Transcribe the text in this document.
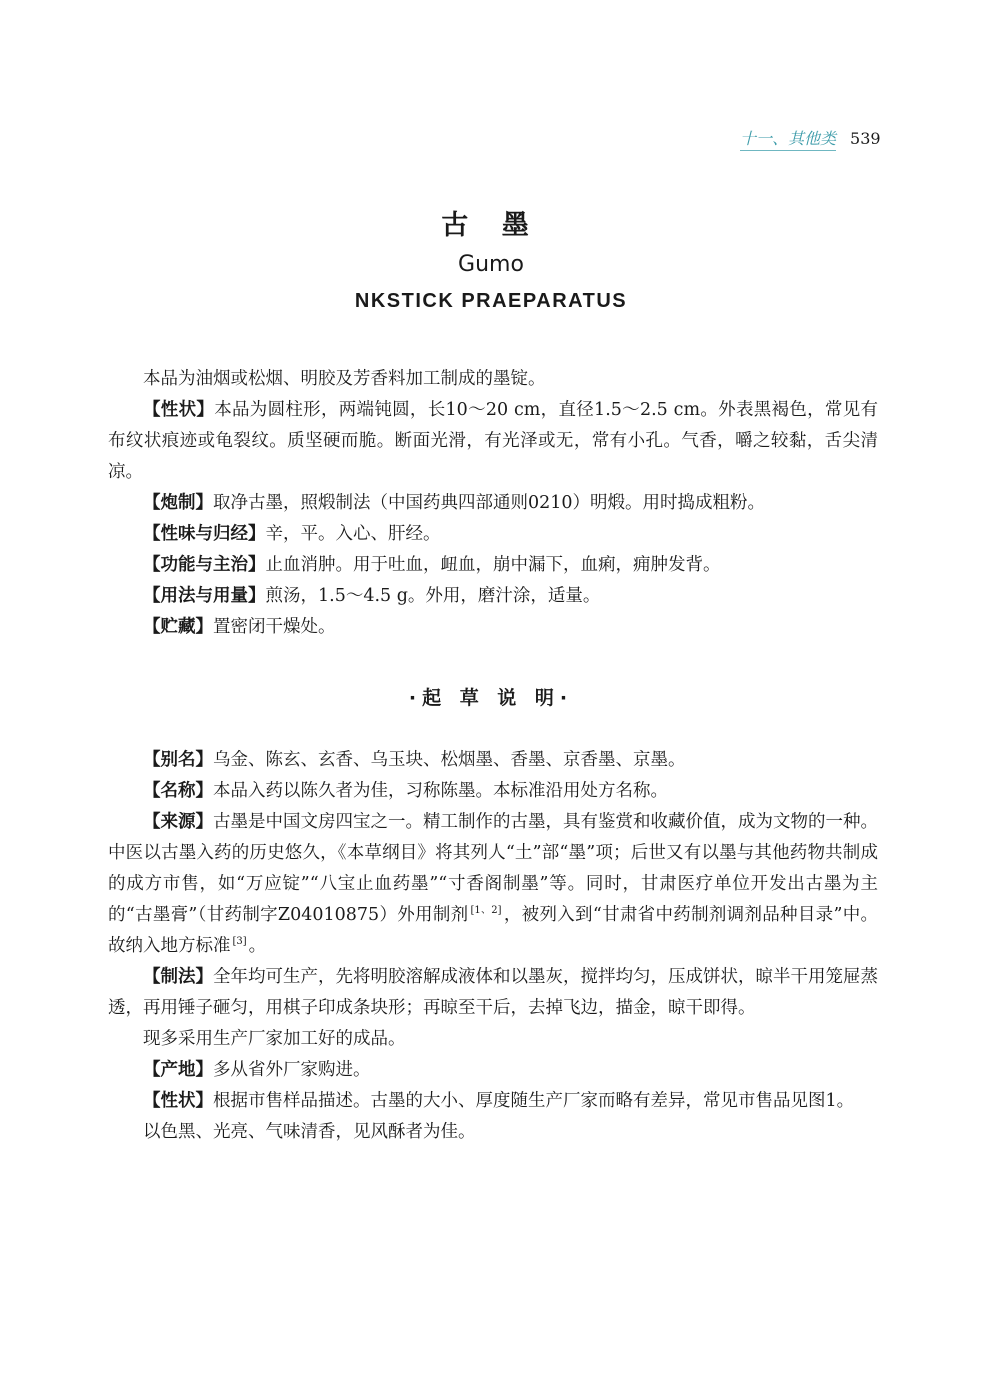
十一、其他类 539
古 墨
Gumo
NKSTICK PRAEPARATUS

本品为油烟或松烟、明胶及芳香料加工制成的墨锭。

【性状】本品为圆柱形，两端钝圆，长10～20 cm，直径1.5～2.5 cm。外表黑褐色，常见有布纹状痕迹或龟裂纹。质坚硬而脆。断面光滑，有光泽或无，常有小孔。气香，嚼之较黏，舌尖清凉。

【炮制】取净古墨，照煅制法（中国药典四部通则0210）明煅。用时捣成粗粉。

【性味与归经】辛，平。入心、肝经。

【功能与主治】止血消肿。用于吐血，衄血，崩中漏下，血痢，痈肿发背。

【用法与用量】煎汤，1.5～4.5 g。外用，磨汁涂，适量。

【贮藏】置密闭干燥处。

·起 草 说 明·

【别名】乌金、陈玄、玄香、乌玉块、松烟墨、香墨、京香墨、京墨。

【名称】本品入药以陈久者为佳，习称陈墨。本标准沿用处方名称。

【来源】古墨是中国文房四宝之一。精工制作的古墨，具有鉴赏和收藏价值，成为文物的一种。中医以古墨入药的历史悠久，《本草纲目》将其列人“土”部“墨”项；后世又有以墨与其他药物共制成的成方市售，如“万应锭”“八宝止血药墨”“寸香阁制墨”等。同时，甘肃医疗单位开发出古墨为主的“古墨膏”（甘药制字Z04010875）外用制剂 [1、2] ，被列入到“甘肃省中药制剂调剂品种目录”中。故纳入地方标准 [3] 。

【制法】全年均可生产，先将明胶溶解成液体和以墨灰，搅拌均匀，压成饼状，晾半干用笼屉蒸透，再用锤子砸匀，用棋子印成条块形；再晾至干后，去掉飞边，描金，晾干即得。

现多采用生产厂家加工好的成品。

【产地】多从省外厂家购进。

【性状】根据市售样品描述。古墨的大小、厚度随生产厂家而略有差异，常见市售品见图1。

以色黑、光亮、气味清香，见风酥者为佳。
